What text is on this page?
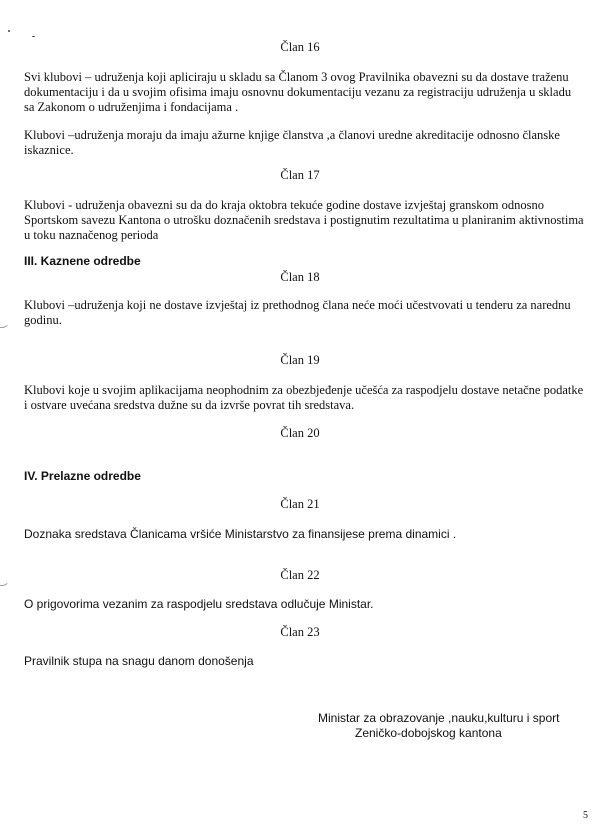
Član 16
Svi klubovi – udruženja koji apliciraju u skladu sa Članom 3 ovog Pravilnika obavezni su da dostave traženu
dokumentaciju i da u svojim ofisima imaju osnovnu dokumentaciju vezanu za registraciju udruženja u skladu
sa Zakonom o udruženjima i fondacijama .
Klubovi –udruženja moraju da imaju ažurne knjige članstva ,a članovi uredne akreditacije odnosno članske
iskaznice.
Član 17
Klubovi - udruženja obavezni su da do kraja oktobra tekuće godine dostave izvještaj granskom odnosno
Sportskom savezu Kantona o utrošku doznačenih sredstava i postignutim rezultatima u planiranim aktivnostima
u toku naznačenog perioda
III. Kaznene odredbe
Član 18
Klubovi –udruženja koji ne dostave izvještaj iz prethodnog člana neće moći učestvovati u tenderu za narednu
godinu.
Član 19
Klubovi koje u svojim aplikacijama neophodnim za obezbjeđenje učešća za raspodjelu dostave netačne podatke
i ostvare uvećana sredstva dužne su da izvrše povrat tih sredstava.
Član 20
IV. Prelazne odredbe
Član 21
Doznaka sredstava Članicama vršiće Ministarstvo za finansijese prema dinamici .
Član 22
O prigovorima vezanim za raspodjelu sredstava odlučuje Ministar.
Član 23
Pravilnik stupa na snagu danom donošenja
Ministar za obrazovanje ,nauku,kulturu i sport
Zeničko-dobojskog kantona
5
